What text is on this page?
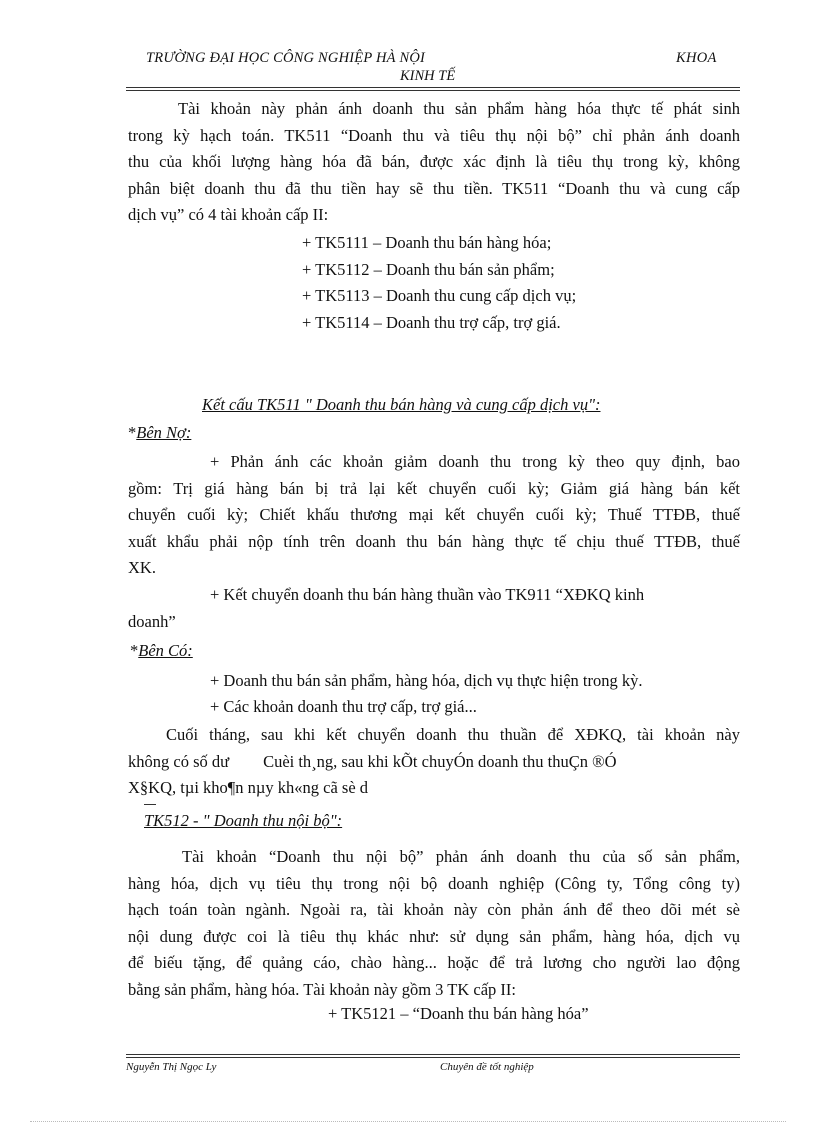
TRƯỜNG ĐẠI HỌC CÔNG NGHIỆP HÀ NỘI	KHOA
KINH TẾ

Tài khoản này phản ánh doanh thu sản phẩm hàng hóa thực tế phát sinh

trong kỳ hạch toán. TK511 “Doanh thu và tiêu thụ nội bộ” chỉ phản ánh doanh

thu của khối lượng hàng hóa đã bán, được xác định là tiêu thụ trong kỳ, không

phân biệt doanh thu đã thu tiền hay sẽ thu tiền. TK511 “Doanh thu và cung cấp

dịch vụ” có 4 tài khoản cấp II:

+ TK5111 – Doanh thu bán hàng hóa;
+ TK5112 – Doanh thu bán sản phẩm;
+ TK5113 – Doanh thu cung cấp dịch vụ;
+ TK5114 – Doanh thu trợ cấp, trợ giá.
Kết cấu TK511 " Doanh thu bán hàng và cung cấp dịch vụ":
*Bên Nợ:

+ Phản ánh các khoản giảm doanh thu trong kỳ theo quy định, bao

gồm: Trị giá hàng bán bị trả lại kết chuyển cuối kỳ; Giảm giá hàng bán kết

chuyển cuối kỳ; Chiết khấu thương mại kết chuyển cuối kỳ; Thuế TTĐB, thuế

xuất khẩu phải nộp tính trên doanh thu bán hàng thực tế chịu thuế TTĐB, thuế

XK.

+ Kết chuyển doanh thu bán hàng thuần vào TK911 “XĐKQ kinh

doanh”

*Bên Có:
+ Doanh thu bán sản phẩm, hàng hóa, dịch vụ thực hiện trong kỳ.
+ Các khoản doanh thu trợ cấp, trợ giá...

Cuối tháng, sau khi kết chuyển doanh thu thuần để XĐKQ, tài khoản này

không có số dư Cuèi th¸ng, sau khi kÕt chuyÓn doanh thu thuÇn ®Ó

X§KQ, tµi kho¶n nµy kh«ng cã sè d

TK512 - " Doanh thu nội bộ":

Tài khoản “Doanh thu nội bộ” phản ánh doanh thu của số sản phẩm,

hàng hóa, dịch vụ tiêu thụ trong nội bộ doanh nghiệp (Công ty, Tổng công ty)

hạch toán toàn ngành. Ngoài ra, tài khoản này còn phản ánh để theo dõi mét sè

nội dung được coi là tiêu thụ khác như: sử dụng sản phẩm, hàng hóa, dịch vụ

để biếu tặng, để quảng cáo, chào hàng... hoặc để trả lương cho người lao động

bằng sản phẩm, hàng hóa. Tài khoản này gồm 3 TK cấp II:

+ TK5121 – “Doanh thu bán hàng hóa”
Nguyễn Thị Ngọc Ly	Chuyên đề tốt nghiệp
